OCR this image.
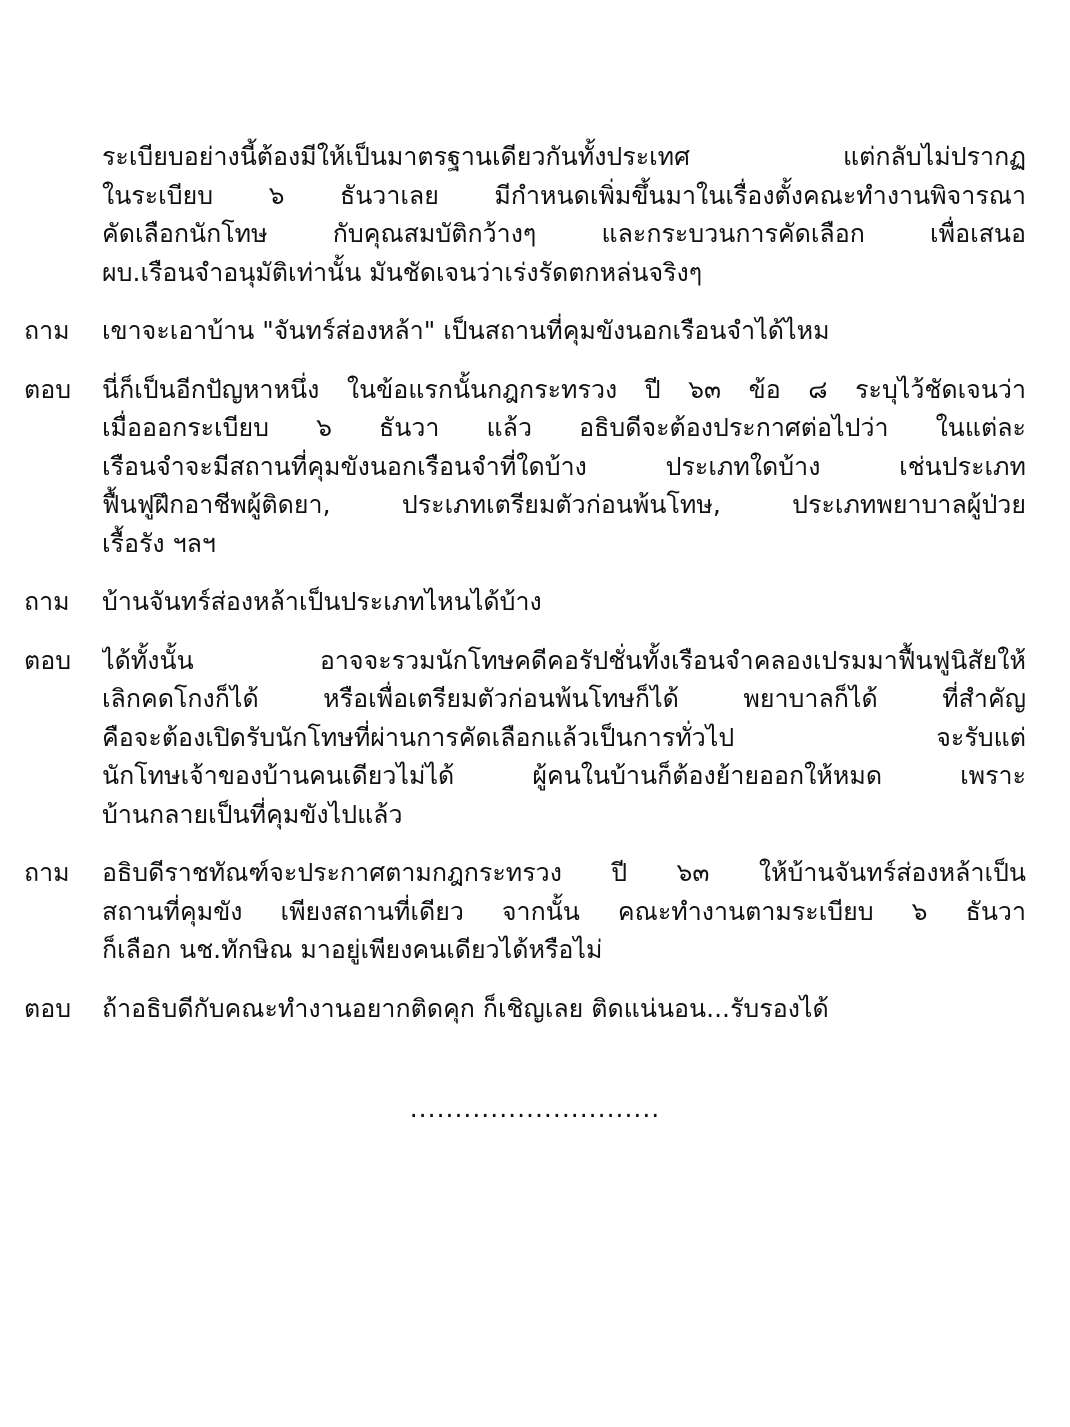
ระเบียบอย่างนี้ต้องมีให้เป็นมาตรฐานเดียวกันทั้งประเทศ แต่กลับไม่ปรากฏ
ในระเบียบ ๖ ธันวาเลย มีกำหนดเพิ่มขึ้นมาในเรื่องตั้งคณะทำงานพิจารณา
คัดเลือกนักโทษ กับคุณสมบัติกว้างๆ และกระบวนการคัดเลือก เพื่อเสนอ
ผบ.เรือนจำอนุมัติเท่านั้น มันชัดเจนว่าเร่งรัดตกหล่นจริงๆ
ถาม เขาจะเอาบ้าน "จันทร์ส่องหล้า" เป็นสถานที่คุมขังนอกเรือนจำได้ไหม
ตอบ นี่ก็เป็นอีกปัญหาหนึ่ง ในข้อแรกนั้นกฎกระทรวง ปี ๖๓ ข้อ ๘ ระบุไว้ชัดเจนว่า
เมื่อออกระเบียบ ๖ ธันวา แล้ว อธิบดีจะต้องประกาศต่อไปว่า ในแต่ละ
เรือนจำจะมีสถานที่คุมขังนอกเรือนจำที่ใดบ้าง ประเภทใดบ้าง เช่นประเภท
ฟื้นฟูฝึกอาชีพผู้ติดยา, ประเภทเตรียมตัวก่อนพ้นโทษ, ประเภทพยาบาลผู้ป่วย
เรื้อรัง ฯลฯ
ถาม บ้านจันทร์ส่องหล้าเป็นประเภทไหนได้บ้าง
ตอบ ได้ทั้งนั้น อาจจะรวมนักโทษคดีคอรัปชั่นทั้งเรือนจำคลองเปรมมาฟื้นฟูนิสัยให้
เลิกคดโกงก็ได้ หรือเพื่อเตรียมตัวก่อนพ้นโทษก็ได้ พยาบาลก็ได้ ที่สำคัญ
คือจะต้องเปิดรับนักโทษที่ผ่านการคัดเลือกแล้วเป็นการทั่วไป จะรับแต่
นักโทษเจ้าของบ้านคนเดียวไม่ได้ ผู้คนในบ้านก็ต้องย้ายออกให้หมด เพราะ
บ้านกลายเป็นที่คุมขังไปแล้ว
ถาม อธิบดีราชทัณฑ์จะประกาศตามกฎกระทรวง ปี ๖๓ ให้บ้านจันทร์ส่องหล้าเป็น
สถานที่คุมขัง เพียงสถานที่เดียว จากนั้น คณะทำงานตามระเบียบ ๖ ธันวา
ก็เลือก นช.ทักษิณ มาอยู่เพียงคนเดียวได้หรือไม่
ตอบ ถ้าอธิบดีกับคณะทำงานอยากติดคุก ก็เชิญเลย ติดแน่นอน...รับรองได้
............................
